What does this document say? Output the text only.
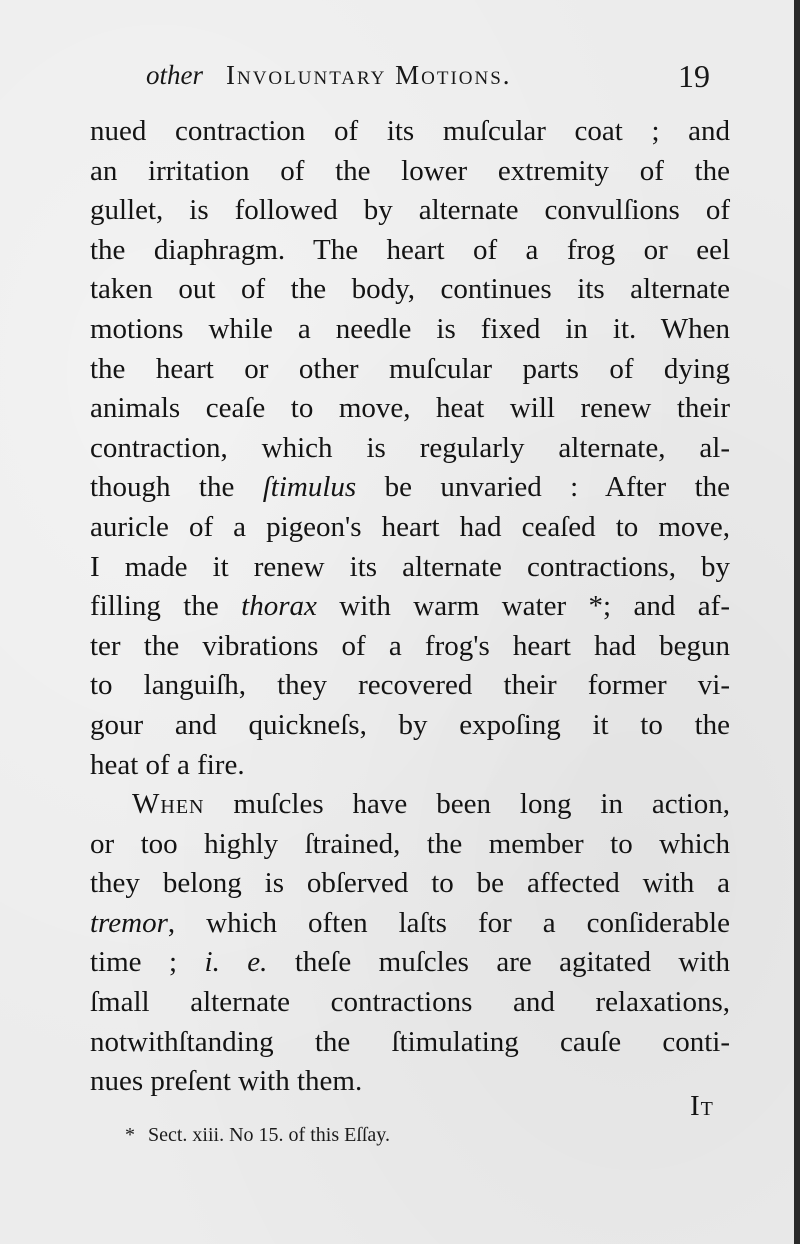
other Involuntary Motions.	19
nued contraction of its muſcular coat ; and
an irritation of the lower extremity of the
gullet, is followed by alternate convulſions of
the diaphragm. The heart of a frog or eel
taken out of the body, continues its alternate
motions while a needle is fixed in it. When
the heart or other muſcular parts of dying
animals ceaſe to move, heat will renew their
contraction, which is regularly alternate, al-
though the ſtimulus be unvaried : After the
auricle of a pigeon's heart had ceaſed to move,
I made it renew its alternate contractions, by
filling the thorax with warm water *; and af-
ter the vibrations of a frog's heart had begun
to languiſh, they recovered their former vi-
gour and quickneſs, by expoſing it to the
heat of a fire.
When muſcles have been long in action,
or too highly ſtrained, the member to which
they belong is obſerved to be affected with a
tremor, which often laſts for a conſiderable
time ; i. e. theſe muſcles are agitated with
ſmall alternate contractions and relaxations,
notwithſtanding the ſtimulating cauſe conti-
nues preſent with them.
It
* Sect. xiii. No 15. of this Eſſay.
